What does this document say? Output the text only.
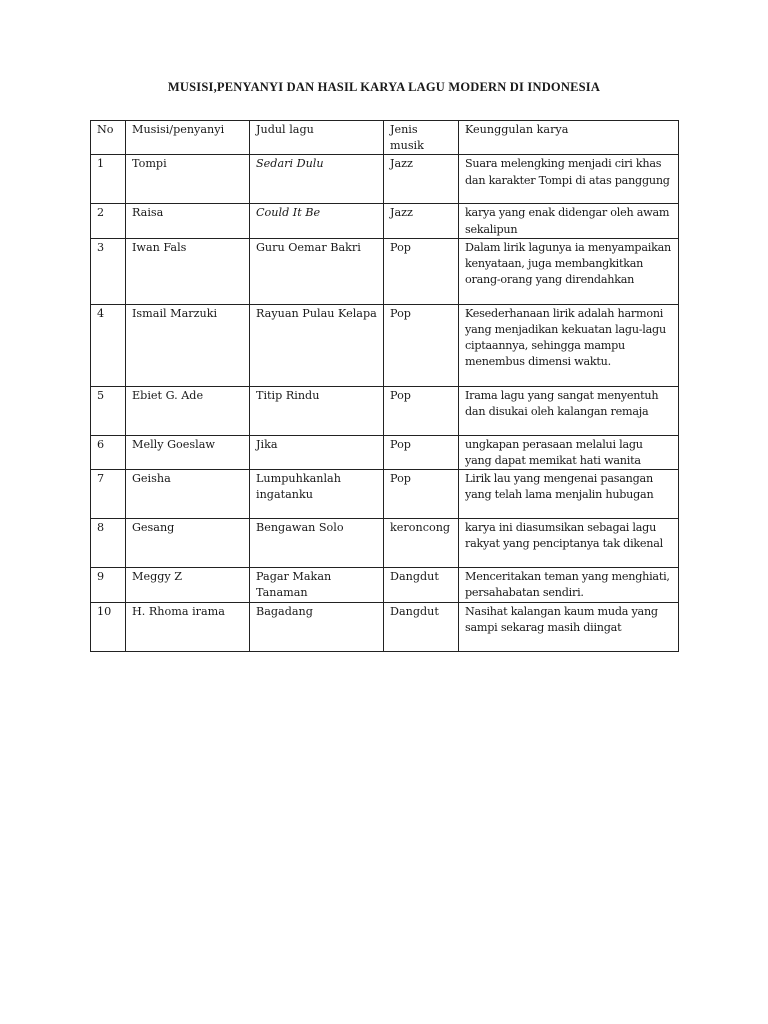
MUSISI,PENYANYI DAN HASIL KARYA LAGU MODERN DI INDONESIA
No	Musisi/penyanyi	Judul lagu	Jenis musik	Keunggulan karya
1	Tompi	Sedari Dulu	Jazz	Suara melengking menjadi ciri khas dan karakter Tompi di atas panggung
2	Raisa	Could It Be	Jazz	karya yang enak didengar oleh awam sekalipun
3	Iwan Fals	Guru Oemar Bakri	Pop	Dalam lirik lagunya ia menyampaikan kenyataan, juga membangkitkan orang-orang yang direndahkan
4	Ismail Marzuki	Rayuan Pulau Kelapa	Pop	Kesederhanaan lirik adalah harmoni yang menjadikan kekuatan lagu-lagu ciptaannya, sehingga mampu menembus dimensi waktu.
5	Ebiet G. Ade	Titip Rindu	Pop	Irama lagu yang sangat menyentuh dan disukai oleh kalangan remaja
6	Melly Goeslaw	Jika	Pop	ungkapan perasaan melalui lagu yang dapat memikat hati wanita
7	Geisha	Lumpuhkanlah ingatanku	Pop	Lirik lau yang mengenai pasangan yang telah lama menjalin hubugan
8	Gesang	Bengawan Solo	keroncong	karya ini diasumsikan sebagai lagu rakyat yang penciptanya tak dikenal
9	Meggy Z	Pagar Makan Tanaman	Dangdut	Menceritakan teman yang menghiati, persahabatan sendiri.
10	H. Rhoma irama	Bagadang	Dangdut	Nasihat kalangan kaum muda yang sampi sekarag masih diingat
